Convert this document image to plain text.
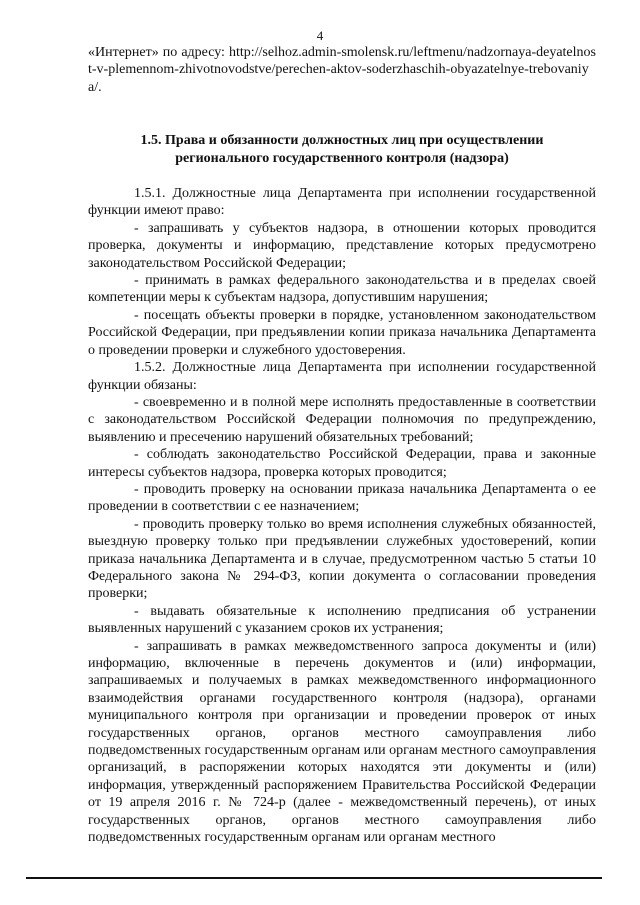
4

«Интернет» по адресу: http://selhoz.admin-smolensk.ru/leftmenu/nadzornaya-deyatelnost-v-plemennom-zhivotnovodstve/perechen-aktov-soderzhaschih-obyazatelnye-trebovaniya/.

1.5. Права и обязанности должностных лиц при осуществлении
регионального государственного контроля (надзора)

1.5.1. Должностные лица Департамента при исполнении государственной функции имеют право:

- запрашивать у субъектов надзора, в отношении которых проводится проверка, документы и информацию, представление которых предусмотрено законодательством Российской Федерации;

- принимать в рамках федерального законодательства и в пределах своей компетенции меры к субъектам надзора, допустившим нарушения;

- посещать объекты проверки в порядке, установленном законодательством Российской Федерации, при предъявлении копии приказа начальника Департамента о проведении проверки и служебного удостоверения.

1.5.2. Должностные лица Департамента при исполнении государственной функции обязаны:

- своевременно и в полной мере исполнять предоставленные в соответствии с законодательством Российской Федерации полномочия по предупреждению, выявлению и пресечению нарушений обязательных требований;

- соблюдать законодательство Российской Федерации, права и законные интересы субъектов надзора, проверка которых проводится;

- проводить проверку на основании приказа начальника Департамента о ее проведении в соответствии с ее назначением;

- проводить проверку только во время исполнения служебных обязанностей, выездную проверку только при предъявлении служебных удостоверений, копии приказа начальника Департамента и в случае, предусмотренном частью 5 статьи 10 Федерального закона № 294-ФЗ, копии документа о согласовании проведения проверки;

- выдавать обязательные к исполнению предписания об устранении выявленных нарушений с указанием сроков их устранения;

- запрашивать в рамках межведомственного запроса документы и (или) информацию, включенные в перечень документов и (или) информации, запрашиваемых и получаемых в рамках межведомственного информационного взаимодействия органами государственного контроля (надзора), органами муниципального контроля при организации и проведении проверок от иных государственных органов, органов местного самоуправления либо подведомственных государственным органам или органам местного самоуправления организаций, в распоряжении которых находятся эти документы и (или) информация, утвержденный распоряжением Правительства Российской Федерации от 19 апреля 2016 г. № 724-р (далее - межведомственный перечень), от иных государственных органов, органов местного самоуправления либо подведомственных государственным органам или органам местного
